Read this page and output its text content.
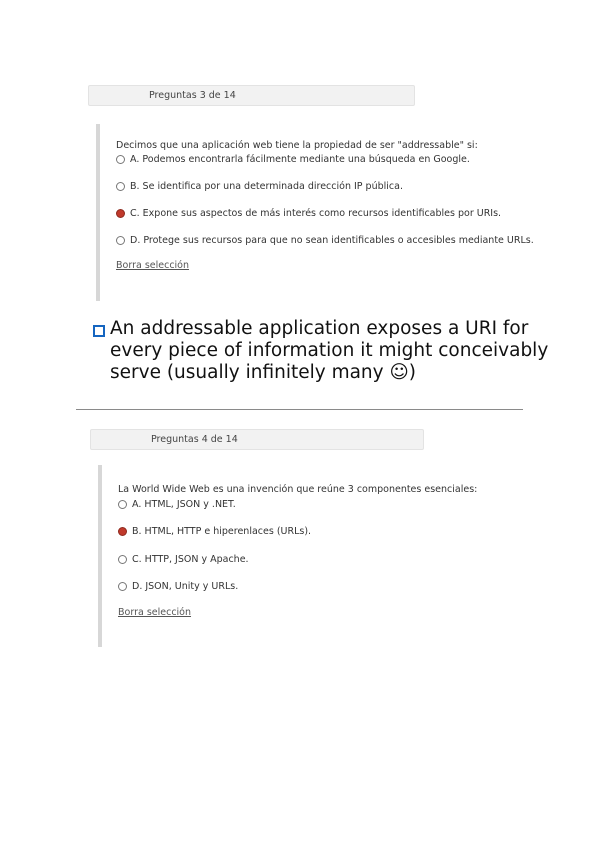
Preguntas 3 de 14
Decimos que una aplicación web tiene la propiedad de ser "addressable" si:
A. Podemos encontrarla fácilmente mediante una búsqueda en Google.
B. Se identifica por una determinada dirección IP pública.
C. Expone sus aspectos de más interés como recursos identificables por URIs.
D. Protege sus recursos para que no sean identificables o accesibles mediante URLs.
Borra selección
An addressable application exposes a URI for
every piece of information it might conceivably
serve (usually infinitely many ☺)
Preguntas 4 de 14
La World Wide Web es una invención que reúne 3 componentes esenciales:
A. HTML, JSON y .NET.
B. HTML, HTTP e hiperenlaces (URLs).
C. HTTP, JSON y Apache.
D. JSON, Unity y URLs.
Borra selección
